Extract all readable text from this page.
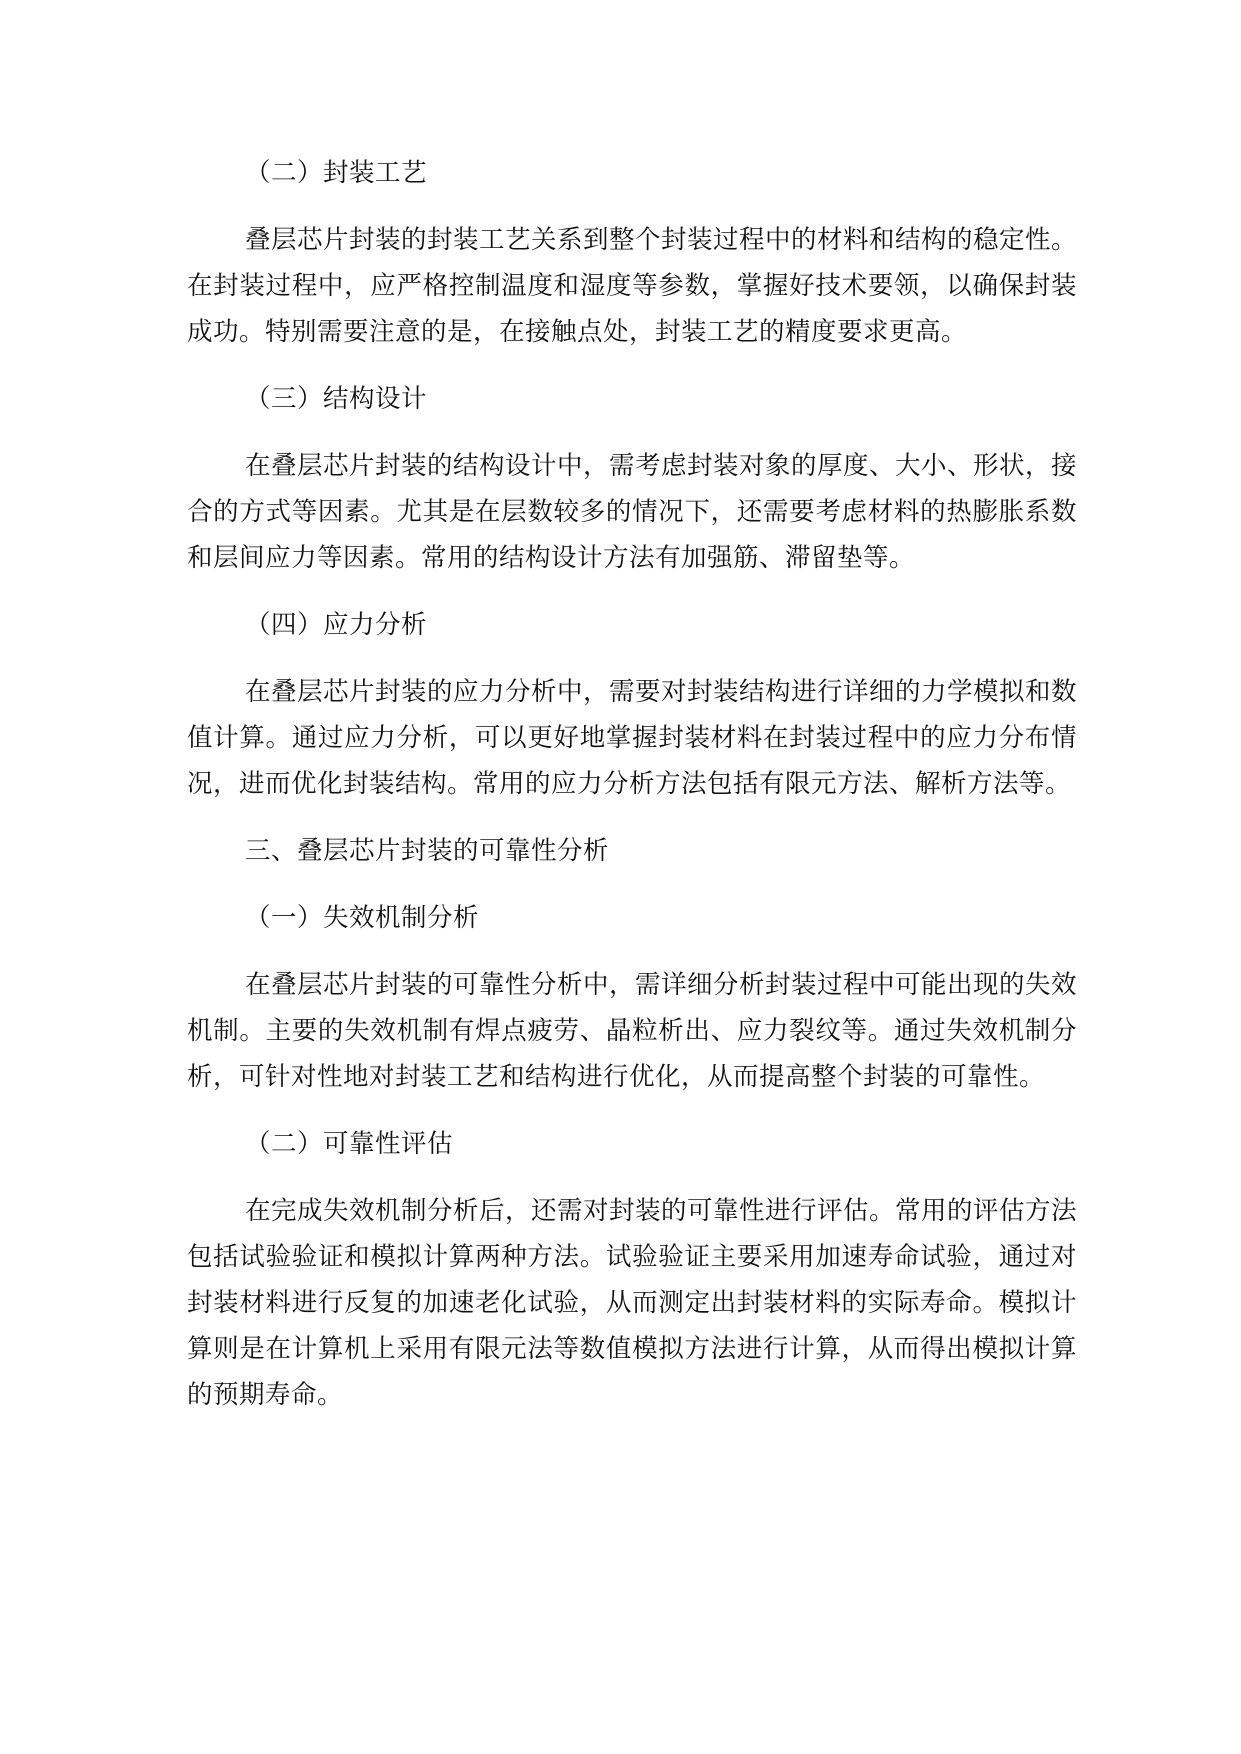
（二）封装工艺

叠层芯片封装的封装工艺关系到整个封装过程中的材料和结构的稳定性。在封装过程中，应严格控制温度和湿度等参数，掌握好技术要领，以确保封装成功。特别需要注意的是，在接触点处，封装工艺的精度要求更高。

（三）结构设计

在叠层芯片封装的结构设计中，需考虑封装对象的厚度、大小、形状，接合的方式等因素。尤其是在层数较多的情况下，还需要考虑材料的热膨胀系数和层间应力等因素。常用的结构设计方法有加强筋、滞留垫等。

（四）应力分析

在叠层芯片封装的应力分析中，需要对封装结构进行详细的力学模拟和数值计算。通过应力分析，可以更好地掌握封装材料在封装过程中的应力分布情况，进而优化封装结构。常用的应力分析方法包括有限元方法、解析方法等。

三、叠层芯片封装的可靠性分析

（一）失效机制分析

在叠层芯片封装的可靠性分析中，需详细分析封装过程中可能出现的失效机制。主要的失效机制有焊点疲劳、晶粒析出、应力裂纹等。通过失效机制分析，可针对性地对封装工艺和结构进行优化，从而提高整个封装的可靠性。

（二）可靠性评估

在完成失效机制分析后，还需对封装的可靠性进行评估。常用的评估方法包括试验验证和模拟计算两种方法。试验验证主要采用加速寿命试验，通过对封装材料进行反复的加速老化试验，从而测定出封装材料的实际寿命。模拟计算则是在计算机上采用有限元法等数值模拟方法进行计算，从而得出模拟计算的预期寿命。
